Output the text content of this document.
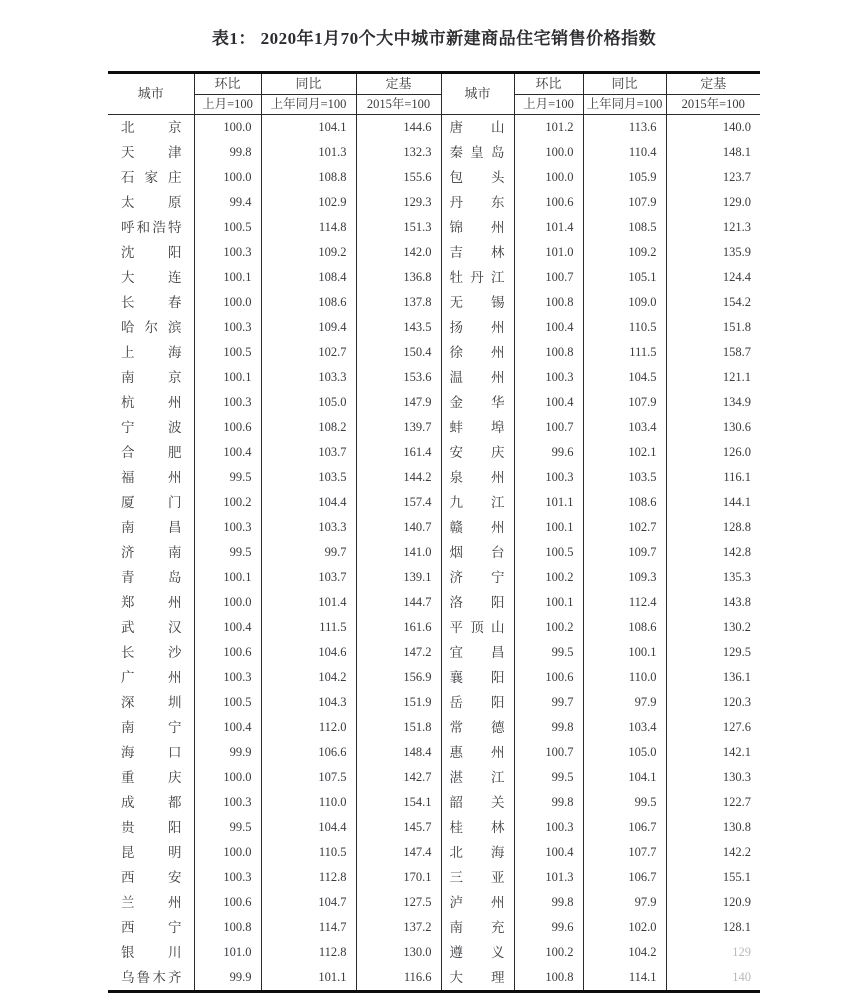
表1： 2020年1月70个大中城市新建商品住宅销售价格指数
城市	环比	同比	定基	城市	环比	同比	定基
	上月=100	上年同月=100	2015年=100		上月=100	上年同月=100	2015年=100
北京	100.0	104.1	144.6	唐山	101.2	113.6	140.0
天津	99.8	101.3	132.3	秦皇岛	100.0	110.4	148.1
石家庄	100.0	108.8	155.6	包头	100.0	105.9	123.7
太原	99.4	102.9	129.3	丹东	100.6	107.9	129.0
呼和浩特	100.5	114.8	151.3	锦州	101.4	108.5	121.3
沈阳	100.3	109.2	142.0	吉林	101.0	109.2	135.9
大连	100.1	108.4	136.8	牡丹江	100.7	105.1	124.4
长春	100.0	108.6	137.8	无锡	100.8	109.0	154.2
哈尔滨	100.3	109.4	143.5	扬州	100.4	110.5	151.8
上海	100.5	102.7	150.4	徐州	100.8	111.5	158.7
南京	100.1	103.3	153.6	温州	100.3	104.5	121.1
杭州	100.3	105.0	147.9	金华	100.4	107.9	134.9
宁波	100.6	108.2	139.7	蚌埠	100.7	103.4	130.6
合肥	100.4	103.7	161.4	安庆	99.6	102.1	126.0
福州	99.5	103.5	144.2	泉州	100.3	103.5	116.1
厦门	100.2	104.4	157.4	九江	101.1	108.6	144.1
南昌	100.3	103.3	140.7	赣州	100.1	102.7	128.8
济南	99.5	99.7	141.0	烟台	100.5	109.7	142.8
青岛	100.1	103.7	139.1	济宁	100.2	109.3	135.3
郑州	100.0	101.4	144.7	洛阳	100.1	112.4	143.8
武汉	100.4	111.5	161.6	平顶山	100.2	108.6	130.2
长沙	100.6	104.6	147.2	宜昌	99.5	100.1	129.5
广州	100.3	104.2	156.9	襄阳	100.6	110.0	136.1
深圳	100.5	104.3	151.9	岳阳	99.7	97.9	120.3
南宁	100.4	112.0	151.8	常德	99.8	103.4	127.6
海口	99.9	106.6	148.4	惠州	100.7	105.0	142.1
重庆	100.0	107.5	142.7	湛江	99.5	104.1	130.3
成都	100.3	110.0	154.1	韶关	99.8	99.5	122.7
贵阳	99.5	104.4	145.7	桂林	100.3	106.7	130.8
昆明	100.0	110.5	147.4	北海	100.4	107.7	142.2
西安	100.3	112.8	170.1	三亚	101.3	106.7	155.1
兰州	100.6	104.7	127.5	泸州	99.8	97.9	120.9
西宁	100.8	114.7	137.2	南充	99.6	102.0	128.1
银川	101.0	112.8	130.0	遵义	100.2	104.2	129
乌鲁木齐	99.9	101.1	116.6	大理	100.8	114.1	140
